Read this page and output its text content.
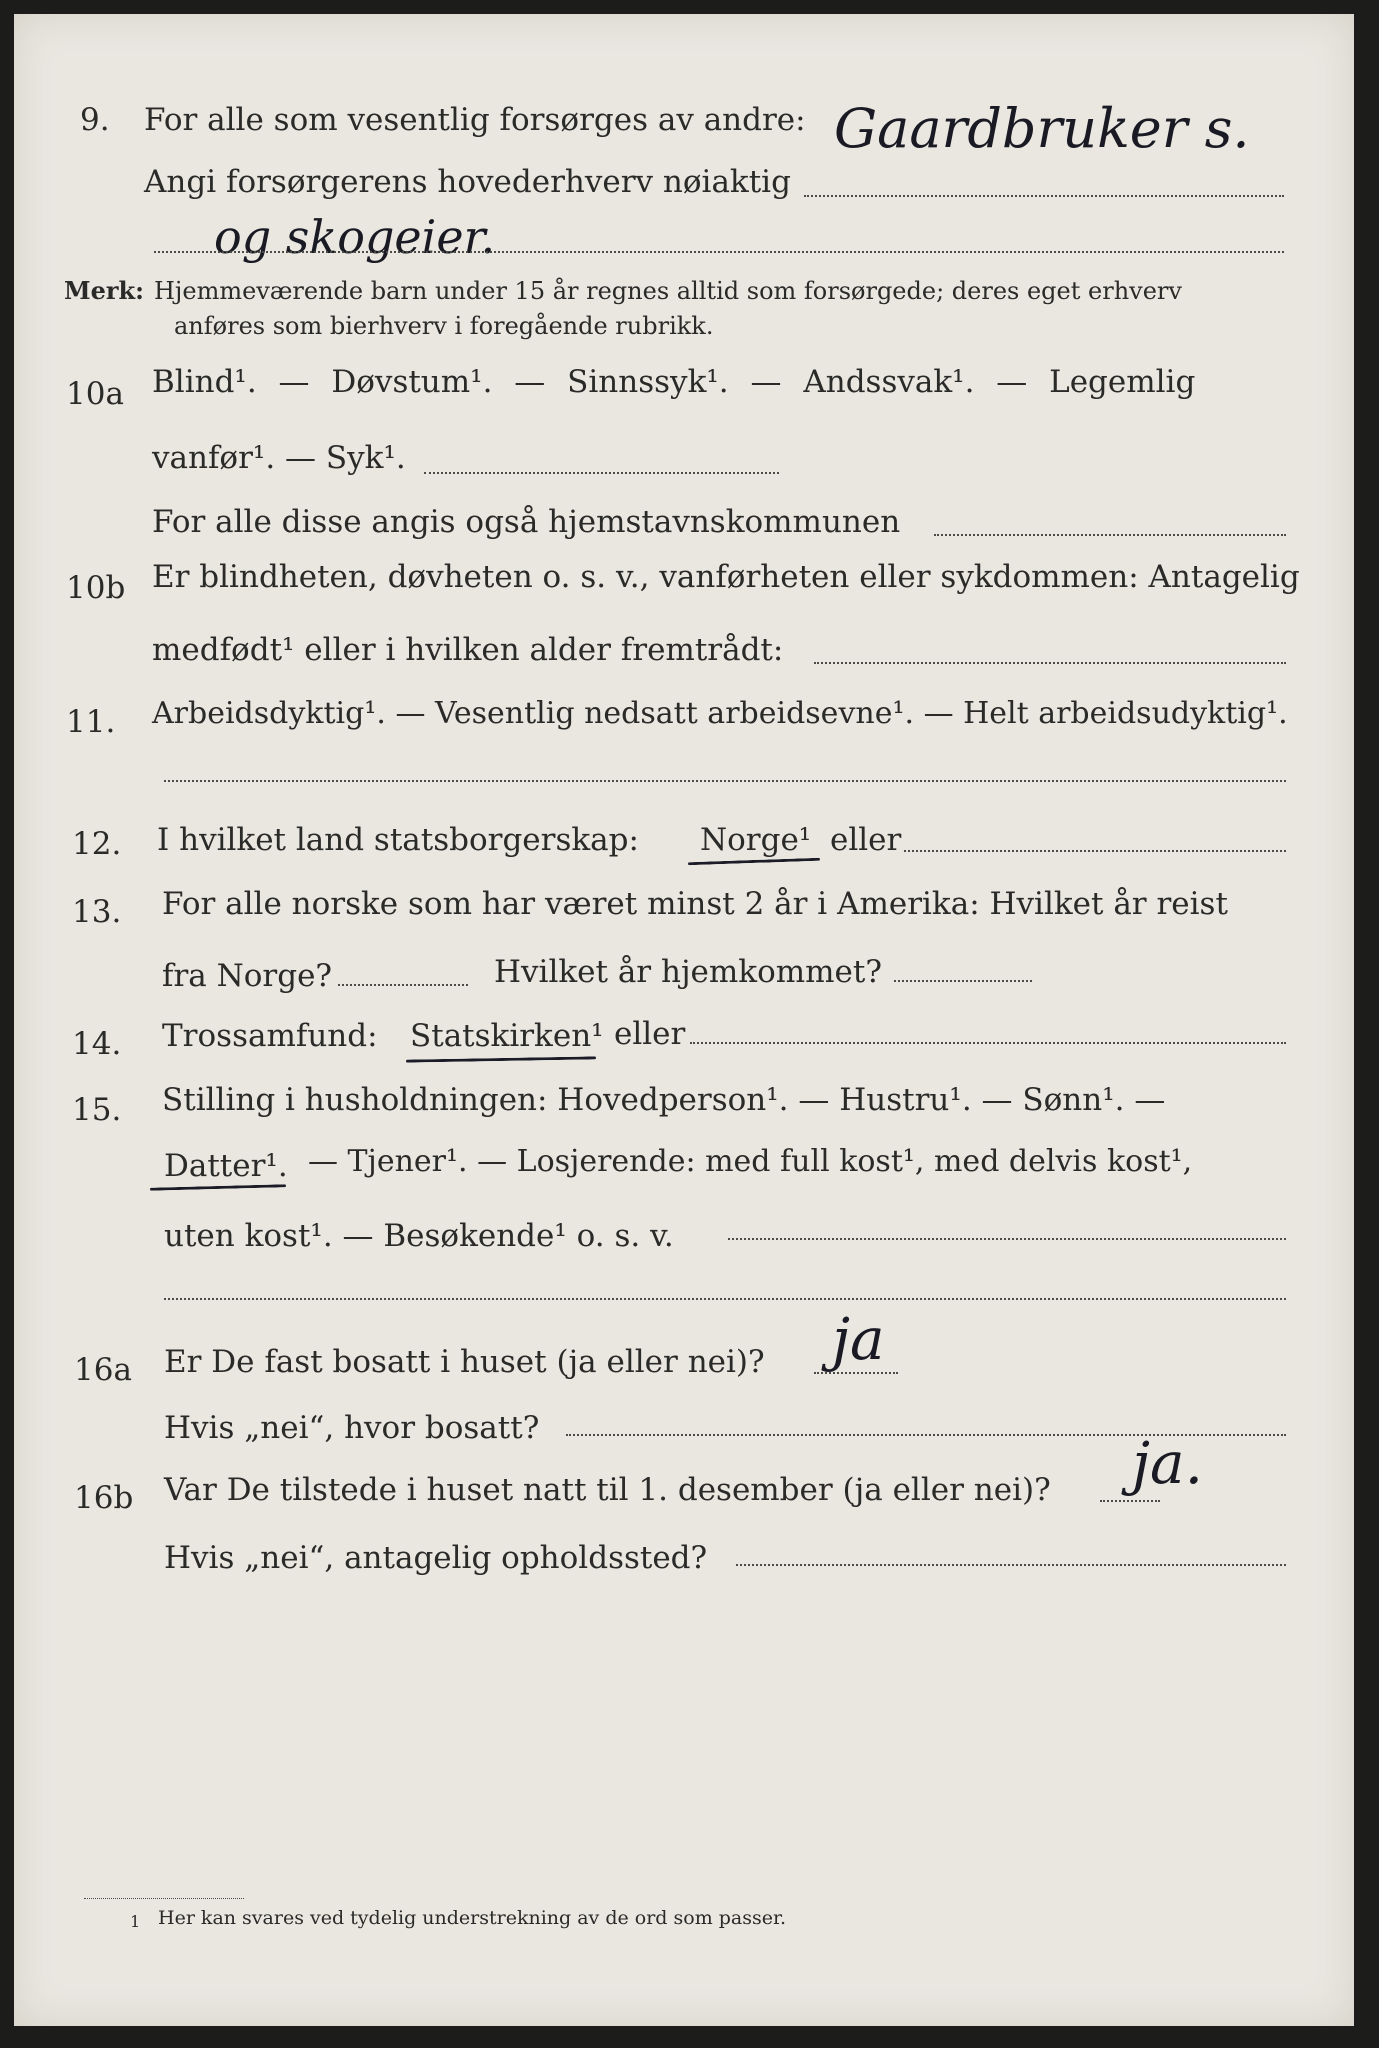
9. For alle som vesentlig forsørges av andre: Gaardbruker s.
Angi forsørgerens hovederhverv nøiaktig
og skogeier.
Merk: Hjemmeværende barn under 15 år regnes alltid som forsørgede; deres eget erhverv
anføres som bierhverv i foregående rubrikk.
10a Blind¹. — Døvstum¹. — Sinnssyk¹. — Andssvak¹. — Legemlig
vanfør¹. — Syk¹.
For alle disse angis også hjemstavnskommunen
10b Er blindheten, døvheten o. s. v., vanførheten eller sykdommen: Antagelig
medfødt¹ eller i hvilken alder fremtrådt:
11. Arbeidsdyktig¹. — Vesentlig nedsatt arbeidsevne¹. — Helt arbeidsudyktig¹.
12. I hvilket land statsborgerskap: Norge¹ eller
13. For alle norske som har været minst 2 år i Amerika: Hvilket år reist
fra Norge?	Hvilket år hjemkommet?
14. Trossamfund: Statskirken¹ eller
15. Stilling i husholdningen: Hovedperson¹. — Hustru¹. — Sønn¹. —
Datter¹. — Tjener¹. — Losjerende: med full kost¹, med delvis kost¹,
uten kost¹. — Besøkende¹ o. s. v.
16a Er De fast bosatt i huset (ja eller nei)? ja
Hvis „nei“, hvor bosatt?
16b Var De tilstede i huset natt til 1. desember (ja eller nei)? ja.
Hvis „nei“, antagelig opholdssted?
1 Her kan svares ved tydelig understrekning av de ord som passer.
